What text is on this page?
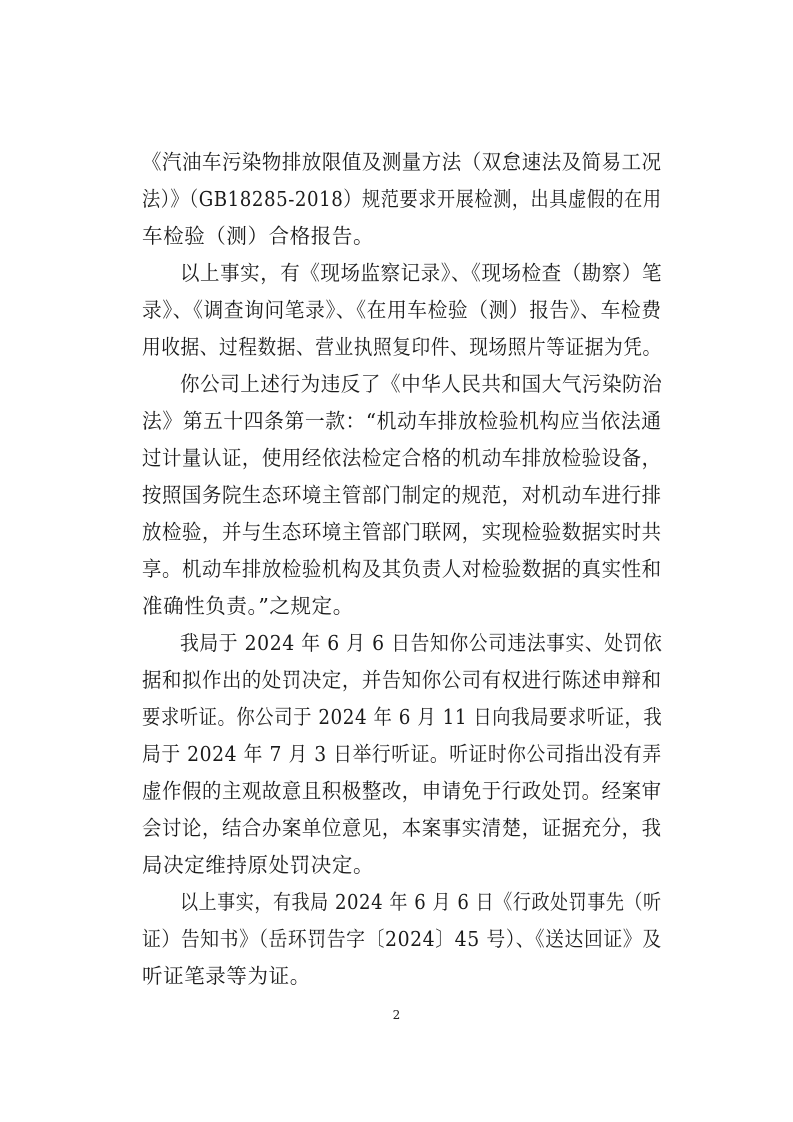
《汽油车污染物排放限值及测量方法（双怠速法及简易工况
法）》（GB18285-2018）规范要求开展检测，出具虚假的在用
车检验（测）合格报告。
以上事实，有《现场监察记录》、《现场检查（勘察）笔
录》、《调查询问笔录》、《在用车检验（测）报告》、车检费
用收据、过程数据、营业执照复印件、现场照片等证据为凭。
你公司上述行为违反了《中华人民共和国大气污染防治
法》第五十四条第一款：“机动车排放检验机构应当依法通
过计量认证，使用经依法检定合格的机动车排放检验设备，
按照国务院生态环境主管部门制定的规范，对机动车进行排
放检验，并与生态环境主管部门联网，实现检验数据实时共
享。机动车排放检验机构及其负责人对检验数据的真实性和
准确性负责。”之规定。
我局于 2024 年 6 月 6 日告知你公司违法事实、处罚依
据和拟作出的处罚决定，并告知你公司有权进行陈述申辩和
要求听证。你公司于 2024 年 6 月 11 日向我局要求听证，我
局于 2024 年 7 月 3 日举行听证。听证时你公司指出没有弄
虚作假的主观故意且积极整改，申请免于行政处罚。经案审
会讨论，结合办案单位意见，本案事实清楚，证据充分，我
局决定维持原处罚决定。
以上事实，有我局 2024 年 6 月 6 日《行政处罚事先（听
证）告知书》（岳环罚告字〔2024〕45 号）、《送达回证》及
听证笔录等为证。
2
